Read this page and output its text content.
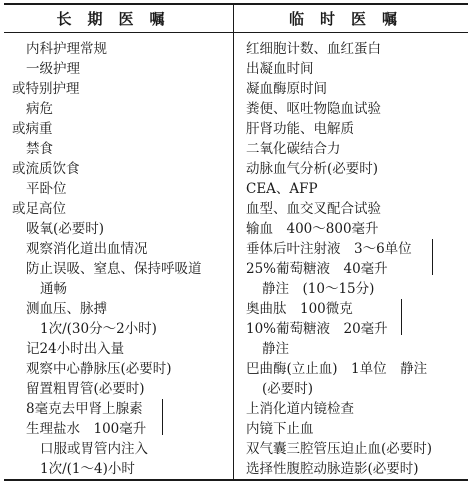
长期医嘱	临时医嘱
内科护理常规
一级护理
或特别护理
病危
或病重
禁食
或流质饮食
平卧位
或足高位
吸氧(必要时)
观察消化道出血情况
防止误吸、窒息、保持呼吸道
通畅
测血压、脉搏
1次/(30分～2小时)
记24小时出入量
观察中心静脉压(必要时)
留置粗胃管(必要时)
8毫克去甲肾上腺素
生理盐水　100毫升
口服或胃管内注入
1次/(1～4)小时
红细胞计数、血红蛋白
出凝血时间
凝血酶原时间
粪便、呕吐物隐血试验
肝肾功能、电解质
二氧化碳结合力
动脉血气分析(必要时)
CEA、AFP
血型、血交叉配合试验
输血　400～800毫升
垂体后叶注射液　3～6单位
25%葡萄糖液　40毫升
静注　(10～15分)
奥曲肽　100微克
10%葡萄糖液　20毫升
静注
巴曲酶(立止血)　1单位　静注
(必要时)
上消化道内镜检查
内镜下止血
双气囊三腔管压迫止血(必要时)
选择性腹腔动脉造影(必要时)
